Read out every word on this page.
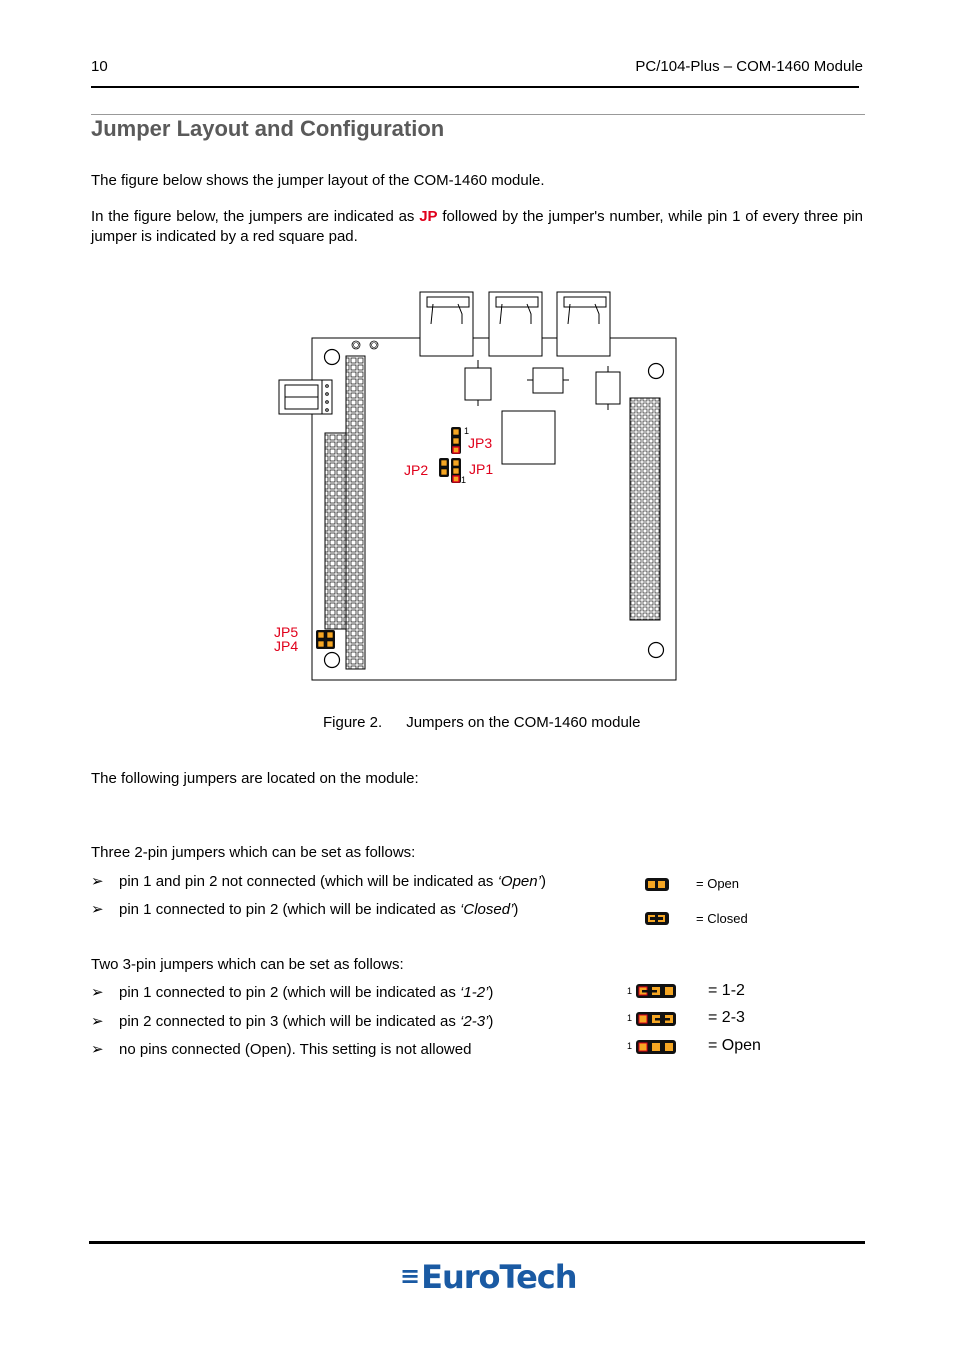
10	PC/104-Plus – COM-1460 Module
Jumper Layout and Configuration
The figure below shows the jumper layout of the COM-1460 module.
In the figure below, the jumpers are indicated as JP followed by the jumper's number, while pin 1 of every three pin jumper is indicated by a red square pad.
1
JP3
JP2	JP1
1
JP5
JP4
Figure 2. Jumpers on the COM-1460 module
The following jumpers are located on the module:
Three 2-pin jumpers which can be set as follows:
➢ pin 1 and pin 2 not connected (which will be indicated as ‘Open’)
➢ pin 1 connected to pin 2 (which will be indicated as ‘Closed’)
= Open
= Closed
Two 3-pin jumpers which can be set as follows:
➢ pin 1 connected to pin 2 (which will be indicated as ‘1-2’)
➢ pin 2 connected to pin 3 (which will be indicated as ‘2-3’)
➢ no pins connected (Open). This setting is not allowed
1
1
1
= 1-2
= 2-3
= Open
≡EuroTech
